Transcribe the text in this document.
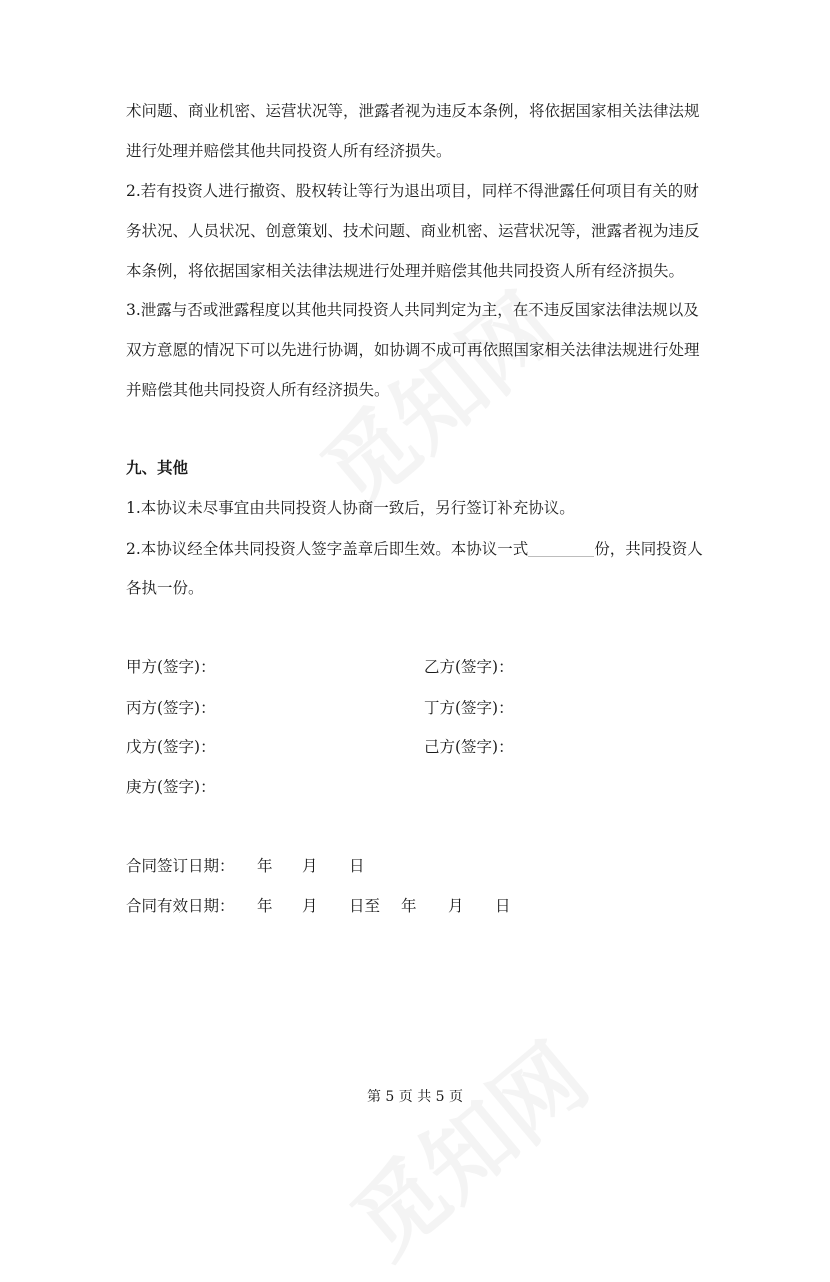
术问题、商业机密、运营状况等，泄露者视为违反本条例，将依据国家相关法律法规
进行处理并赔偿其他共同投资人所有经济损失。
2.若有投资人进行撤资、股权转让等行为退出项目，同样不得泄露任何项目有关的财
务状况、人员状况、创意策划、技术问题、商业机密、运营状况等，泄露者视为违反
本条例，将依据国家相关法律法规进行处理并赔偿其他共同投资人所有经济损失。
3.泄露与否或泄露程度以其他共同投资人共同判定为主，在不违反国家法律法规以及
双方意愿的情况下可以先进行协调，如协调不成可再依照国家相关法律法规进行处理
并赔偿其他共同投资人所有经济损失。
九、其他
1.本协议未尽事宜由共同投资人协商一致后，另行签订补充协议。
2.本协议经全体共同投资人签字盖章后即生效。本协议一式	份，共同投资人
各执一份。
甲方(签字)：	乙方(签字)：
丙方(签字)：	丁方(签字)：
戊方(签字)：	己方(签字)：
庚方(签字)：
合同签订日期： 年 月 日
合同有效日期： 年 月 日至 年 月 日
第 5 页 共 5 页
